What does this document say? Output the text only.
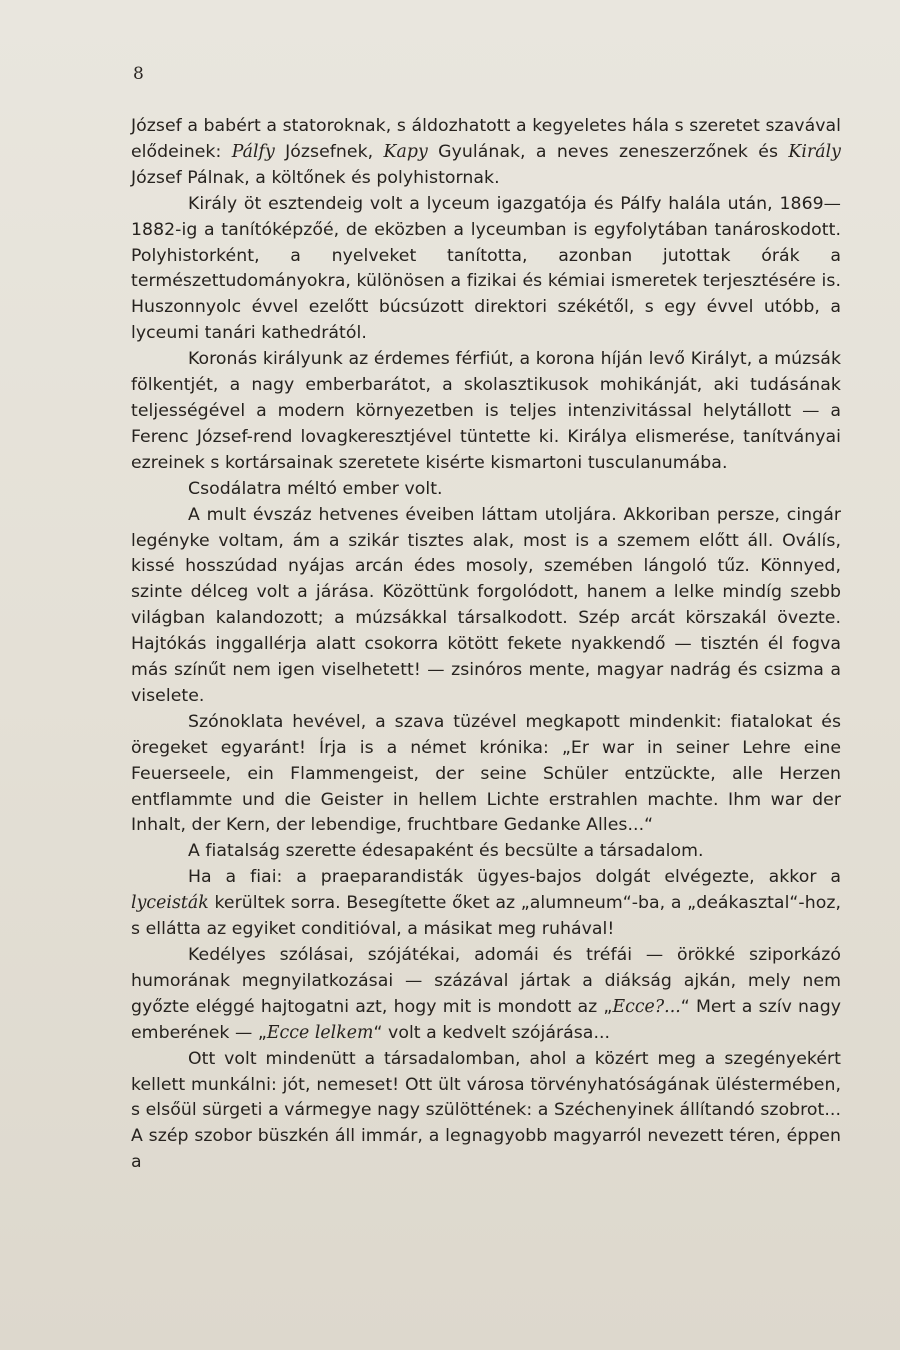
8

József a babért a statoroknak, s áldozhatott a kegyeletes hála s szeretet szavával elődeinek: Pálfy Józsefnek, Kapy Gyulának, a neves zeneszerzőnek és Király József Pálnak, a költőnek és polyhistornak.

Király öt esztendeig volt a lyceum igazgatója és Pálfy halála után, 1869—1882-ig a tanítóképzőé, de eközben a lyceumban is egyfolytában tanároskodott. Polyhistorként, a nyelveket tanította, azonban jutottak órák a természettudományokra, különösen a fizikai és kémiai ismeretek terjesztésére is. Huszonnyolc évvel ezelőtt búcsúzott direktori székétől, s egy évvel utóbb, a lyceumi tanári kathedrától.

Koronás királyunk az érdemes férfiút, a korona híján levő Királyt, a múzsák fölkentjét, a nagy emberbarátot, a skolasztikusok mohikánját, aki tudásának teljességével a modern környezetben is teljes intenzivitással helytállott — a Ferenc József-rend lovagkeresztjével tüntette ki. Királya elismerése, tanítványai ezreinek s kortársainak szeretete kisérte kismartoni tusculanumába.

Csodálatra méltó ember volt.

A mult évszáz hetvenes éveiben láttam utoljára. Akkoriban persze, cingár legényke voltam, ám a szikár tisztes alak, most is a szemem előtt áll. Oválís, kissé hosszúdad nyájas arcán édes mosoly, szemében lángoló tűz. Könnyed, szinte délceg volt a járása. Közöttünk forgolódott, hanem a lelke mindíg szebb világban kalandozott; a múzsákkal társalkodott. Szép arcát körszakál övezte. Hajtókás inggallérja alatt csokorra kötött fekete nyakkendő — tisztén él fogva más színűt nem igen viselhetett! — zsinóros mente, magyar nadrág és csizma a viselete.

Szónoklata hevével, a szava tüzével megkapott mindenkit: fiatalokat és öregeket egyaránt! Írja is a német krónika: „Er war in seiner Lehre eine Feuerseele, ein Flammengeist, der seine Schüler entzückte, alle Herzen entflammte und die Geister in hellem Lichte erstrahlen machte. Ihm war der Inhalt, der Kern, der lebendige, fruchtbare Gedanke Alles...“

A fiatalság szerette édesapaként és becsülte a társadalom.

Ha a fiai: a praeparandisták ügyes-bajos dolgát elvégezte, akkor a lyceisták kerültek sorra. Besegítette őket az „alumneum“-ba, a „deákasztal“-hoz, s ellátta az egyiket conditióval, a másikat meg ruhával!

Kedélyes szólásai, szójátékai, adomái és tréfái — örökké sziporkázó humorának megnyilatkozásai — százával jártak a diákság ajkán, mely nem győzte eléggé hajtogatni azt, hogy mit is mondott az „Ecce?...“ Mert a szív nagy emberének — „Ecce lelkem“ volt a kedvelt szójárása...

Ott volt mindenütt a társadalomban, ahol a közért meg a szegényekért kellett munkálni: jót, nemeset! Ott ült városa törvényhatóságának üléstermében, s elsőül sürgeti a vármegye nagy szülöttének: a Széchenyinek állítandó szobrot... A szép szobor büszkén áll immár, a legnagyobb magyarról nevezett téren, éppen a
